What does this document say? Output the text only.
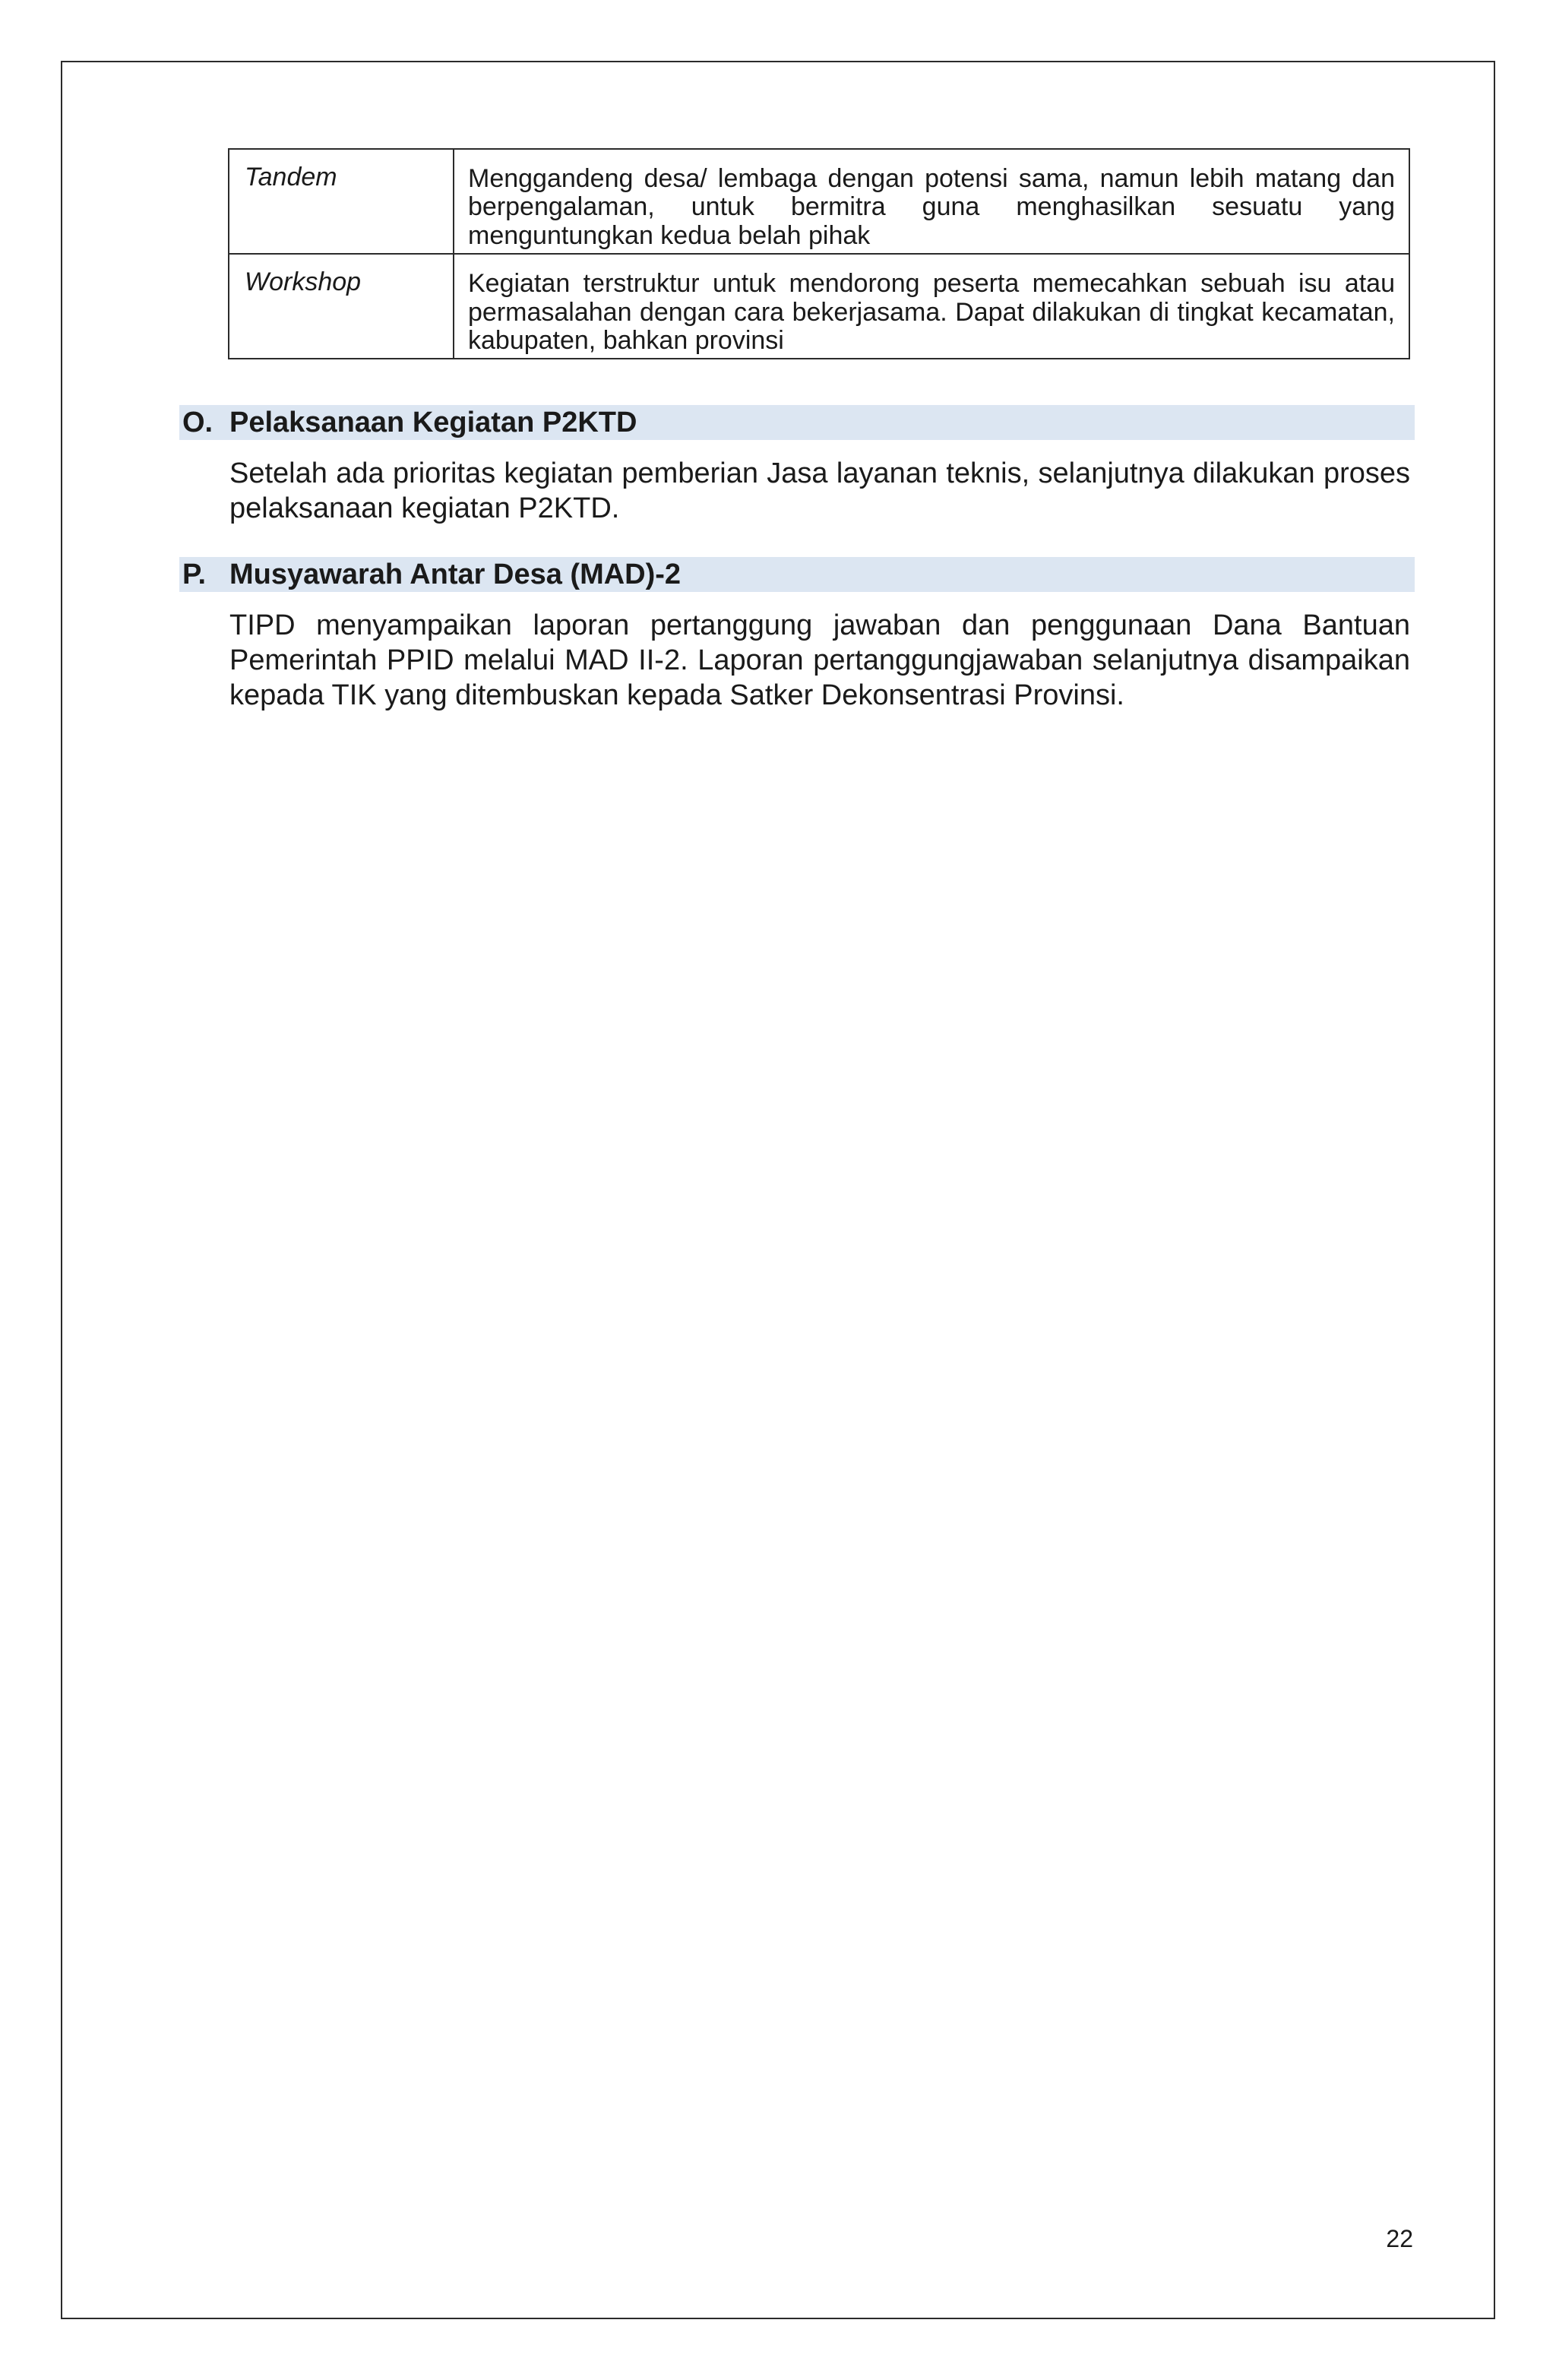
Tandem	Menggandeng desa/ lembaga dengan potensi sama, namun lebih matang dan berpengalaman, untuk bermitra guna menghasilkan sesuatu yang menguntungkan kedua belah pihak
Workshop	Kegiatan terstruktur untuk mendorong peserta memecahkan sebuah isu atau permasalahan dengan cara bekerjasama. Dapat dilakukan di tingkat kecamatan, kabupaten, bahkan provinsi
O. Pelaksanaan Kegiatan P2KTD

Setelah ada prioritas kegiatan pemberian Jasa layanan teknis, selanjutnya dilakukan proses pelaksanaan kegiatan P2KTD.

P. Musyawarah Antar Desa (MAD)-2

TIPD menyampaikan laporan pertanggung jawaban dan penggunaan Dana Bantuan Pemerintah PPID melalui MAD II-2. Laporan pertanggungjawaban selanjutnya disampaikan kepada TIK yang ditembuskan kepada Satker Dekonsentrasi Provinsi.

22
